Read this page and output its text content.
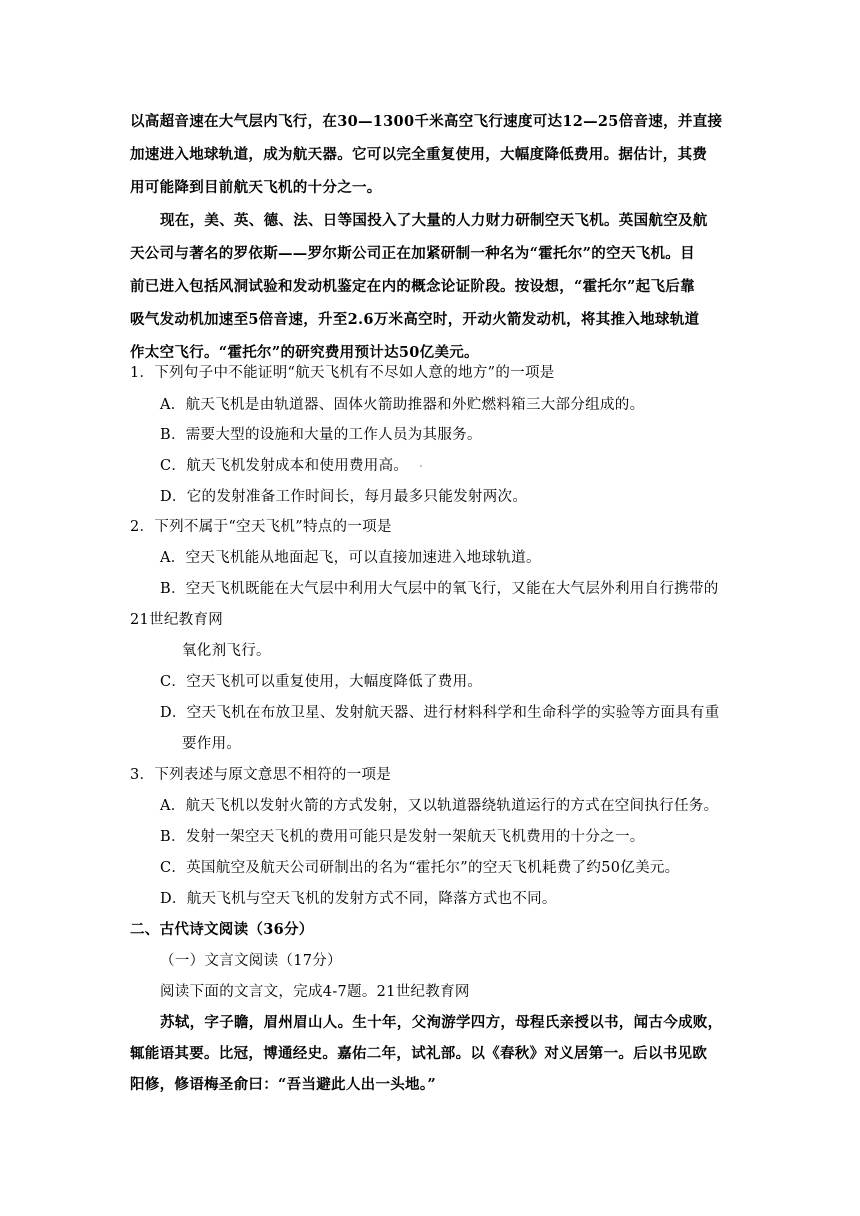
以高超音速在大气层内飞行，在30—1300千米高空飞行速度可达12—25倍音速，并直接
加速进入地球轨道，成为航天器。它可以完全重复使用，大幅度降低费用。据估计，其费
用可能降到目前航天飞机的十分之一。
现在，美、英、德、法、日等国投入了大量的人力财力研制空天飞机。英国航空及航
天公司与著名的罗依斯——罗尔斯公司正在加紧研制一种名为“霍托尔”的空天飞机。目
前已进入包括风洞试验和发动机鉴定在内的概念论证阶段。按设想，“霍托尔”起飞后靠
吸气发动机加速至5倍音速，升至2.6万米高空时，开动火箭发动机，将其推入地球轨道
作太空飞行。“霍托尔”的研究费用预计达50亿美元。
1．下列句子中不能证明“航天飞机有不尽如人意的地方”的一项是
A．航天飞机是由轨道器、固体火箭助推器和外贮燃料箱三大部分组成的。
B．需要大型的设施和大量的工作人员为其服务。
C．航天飞机发射成本和使用费用高。
D．它的发射准备工作时间长，每月最多只能发射两次。
2．下列不属于“空天飞机”特点的一项是
A．空天飞机能从地面起飞，可以直接加速进入地球轨道。
B．空天飞机既能在大气层中利用大气层中的氧飞行，又能在大气层外利用自行携带的
21世纪教育网
氧化剂飞行。
C．空天飞机可以重复使用，大幅度降低了费用。
D．空天飞机在布放卫星、发射航天器、进行材料科学和生命科学的实验等方面具有重
要作用。
3．下列表述与原文意思不相符的一项是
A．航天飞机以发射火箭的方式发射，又以轨道器绕轨道运行的方式在空间执行任务。
B．发射一架空天飞机的费用可能只是发射一架航天飞机费用的十分之一。
C．英国航空及航天公司研制出的名为“霍托尔”的空天飞机耗费了约50亿美元。
D．航天飞机与空天飞机的发射方式不同，降落方式也不同。
二、古代诗文阅读（36分）
（一）文言文阅读（17分）
阅读下面的文言文，完成4-7题。21世纪教育网
苏轼，字子瞻，眉州眉山人。生十年，父洵游学四方，母程氏亲授以书，闻古今成败，
辄能语其要。比冠，博通经史。嘉佑二年，试礼部。以《春秋》对义居第一。后以书见欧
阳修，修语梅圣俞曰：“吾当避此人出一头地。”
